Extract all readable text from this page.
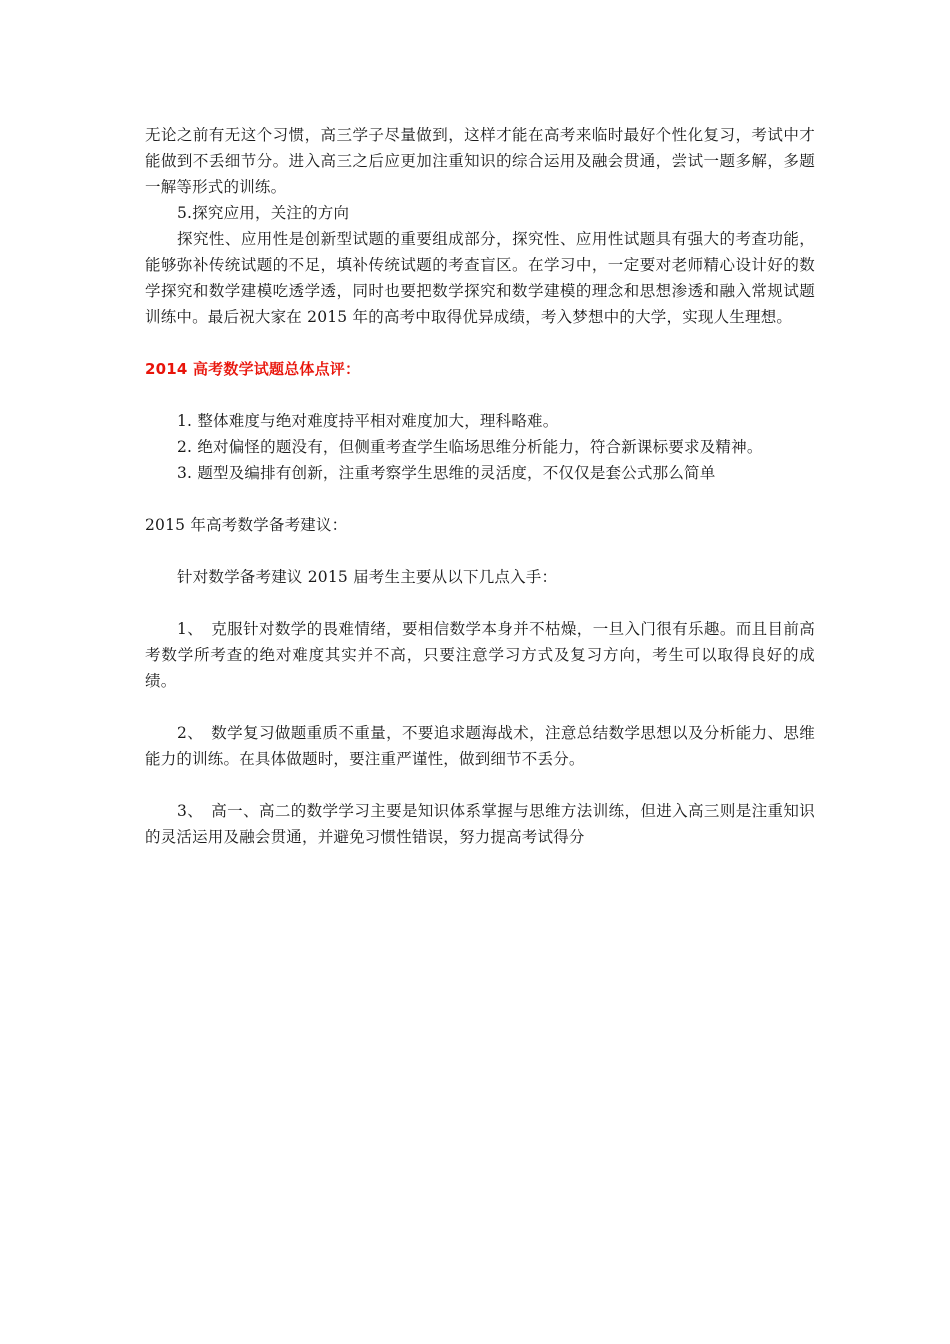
无论之前有无这个习惯，高三学子尽量做到，这样才能在高考来临时最好个性化复习，考试中才能做到不丢细节分。进入高三之后应更加注重知识的综合运用及融会贯通，尝试一题多解，多题一解等形式的训练。

5.探究应用，关注的方向

探究性、应用性是创新型试题的重要组成部分，探究性、应用性试题具有强大的考查功能，能够弥补传统试题的不足，填补传统试题的考查盲区。在学习中，一定要对老师精心设计好的数学探究和数学建模吃透学透，同时也要把数学探究和数学建模的理念和思想渗透和融入常规试题训练中。最后祝大家在 2015 年的高考中取得优异成绩，考入梦想中的大学，实现人生理想。

2014 高考数学试题总体点评：

1. 整体难度与绝对难度持平相对难度加大，理科略难。

2. 绝对偏怪的题没有，但侧重考查学生临场思维分析能力，符合新课标要求及精神。

3. 题型及编排有创新，注重考察学生思维的灵活度，不仅仅是套公式那么简单

2015 年高考数学备考建议：

针对数学备考建议 2015 届考生主要从以下几点入手：

1、　克服针对数学的畏难情绪，要相信数学本身并不枯燥，一旦入门很有乐趣。而且目前高考数学所考查的绝对难度其实并不高，只要注意学习方式及复习方向，考生可以取得良好的成绩。

2、　数学复习做题重质不重量，不要追求题海战术，注意总结数学思想以及分析能力、思维能力的训练。在具体做题时，要注重严谨性，做到细节不丢分。

3、　高一、高二的数学学习主要是知识体系掌握与思维方法训练，但进入高三则是注重知识的灵活运用及融会贯通，并避免习惯性错误，努力提高考试得分
